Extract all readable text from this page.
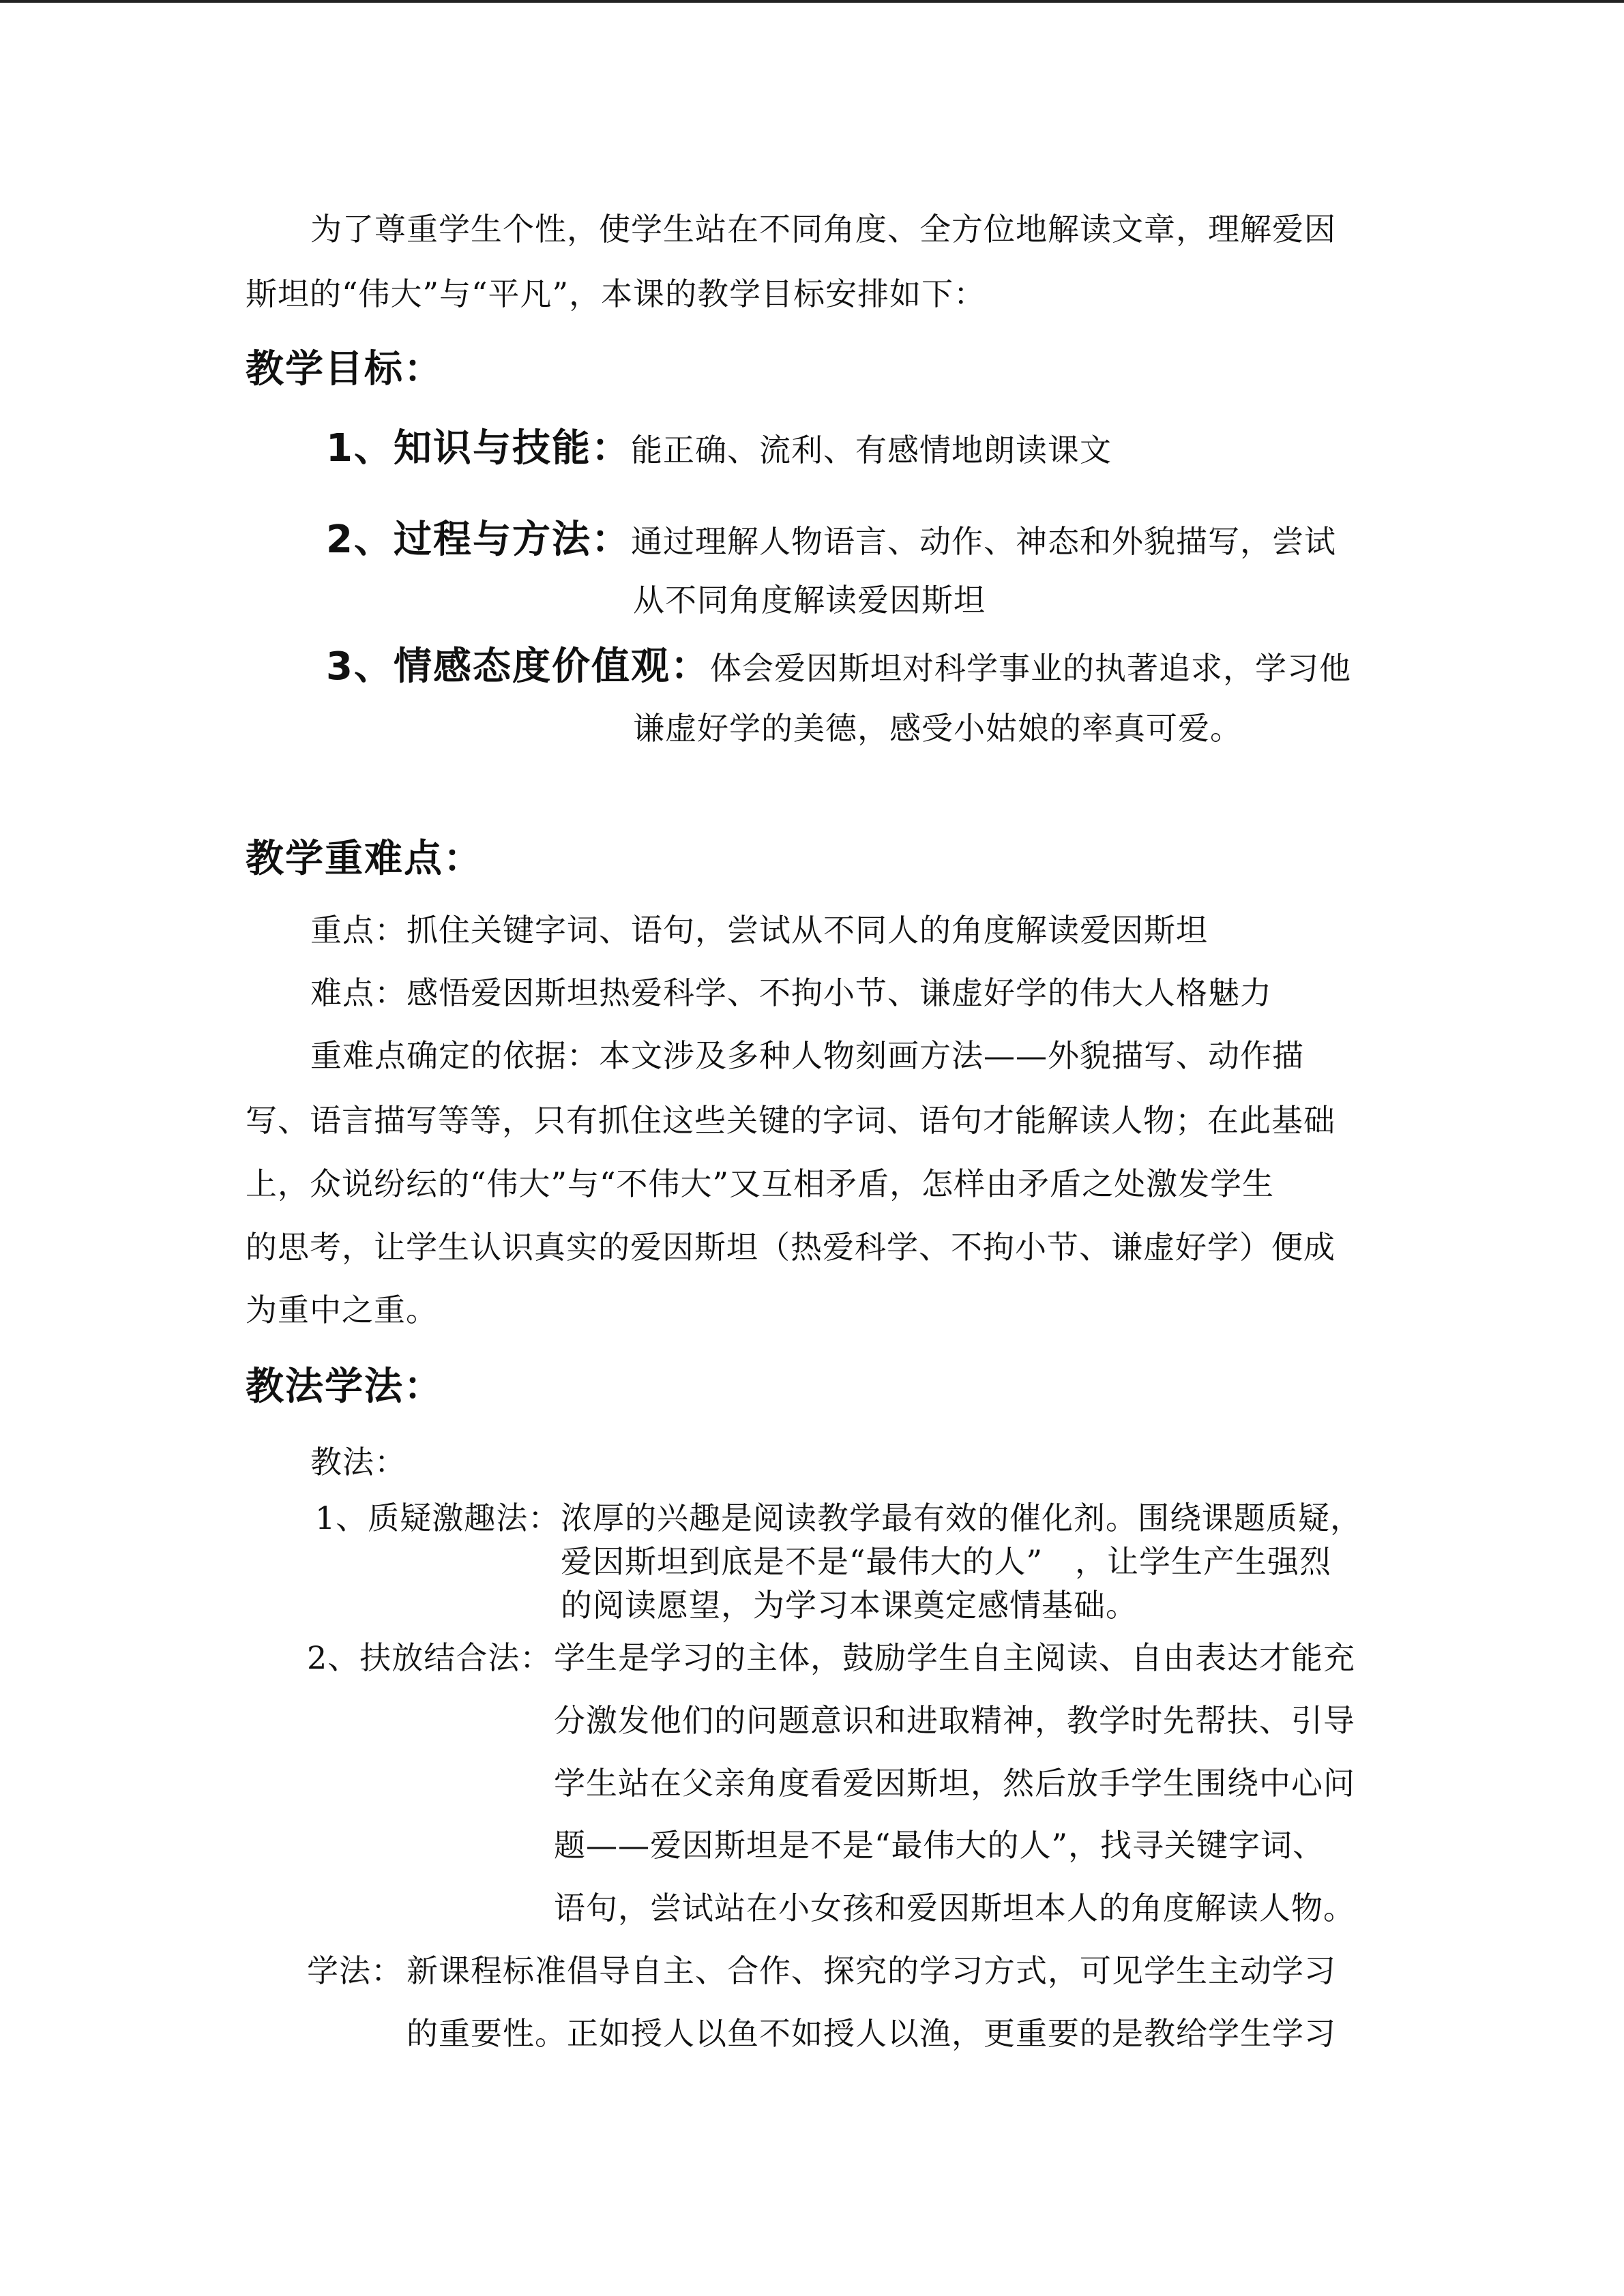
为了尊重学生个性，使学生站在不同角度、全方位地解读文章，理解爱因
斯坦的“伟大”与“平凡”，本课的教学目标安排如下：
教学目标：
1、知识与技能：能正确、流利、有感情地朗读课文
2、过程与方法：通过理解人物语言、动作、神态和外貌描写，尝试
从不同角度解读爱因斯坦
3、情感态度价值观：体会爱因斯坦对科学事业的执著追求，学习他
谦虚好学的美德，感受小姑娘的率真可爱。
教学重难点：
重点：抓住关键字词、语句，尝试从不同人的角度解读爱因斯坦
难点：感悟爱因斯坦热爱科学、不拘小节、谦虚好学的伟大人格魅力
重难点确定的依据：本文涉及多种人物刻画方法——外貌描写、动作描
写、语言描写等等，只有抓住这些关键的字词、语句才能解读人物；在此基础
上，众说纷纭的“伟大”与“不伟大”又互相矛盾，怎样由矛盾之处激发学生
的思考，让学生认识真实的爱因斯坦（热爱科学、不拘小节、谦虚好学）便成
为重中之重。
教法学法：
教法：
1、质疑激趣法： 浓厚的兴趣是阅读教学最有效的催化剂。围绕课题质疑，
爱因斯坦到底是不是“最伟大的人”　，让学生产生强烈
的阅读愿望，为学习本课奠定感情基础。
2、扶放结合法： 学生是学习的主体，鼓励学生自主阅读、自由表达才能充
分激发他们的问题意识和进取精神，教学时先帮扶、引导
学生站在父亲角度看爱因斯坦，然后放手学生围绕中心问
题——爱因斯坦是不是“最伟大的人”，找寻关键字词、
语句，尝试站在小女孩和爱因斯坦本人的角度解读人物。
学法： 新课程标准倡导自主、合作、探究的学习方式，可见学生主动学习
的重要性。正如授人以鱼不如授人以渔，更重要的是教给学生学习
